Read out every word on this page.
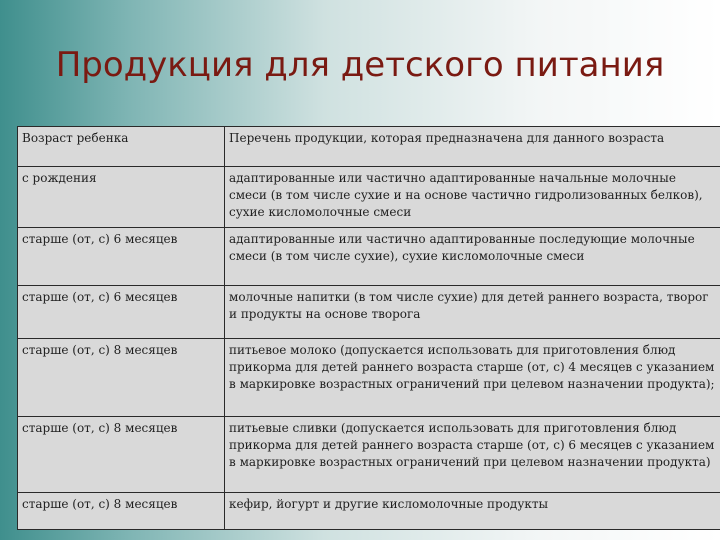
Продукция для детского питания
Возраст ребенка	Перечень продукции, которая предназначена для данного возраста
с рождения	адаптированные или частично адаптированные начальные молочные смеси (в том числе сухие и на основе частично гидролизованных белков), сухие кисломолочные смеси
старше (от, с) 6 месяцев	адаптированные или частично адаптированные последующие молочные смеси (в том числе сухие), сухие кисломолочные смеси
старше (от, с) 6 месяцев	молочные напитки (в том числе сухие) для детей раннего возраста, творог и продукты на основе творога
старше (от, с) 8 месяцев	питьевое молоко (допускается использовать для приготовления блюд прикорма для детей раннего возраста старше (от, с) 4 месяцев с указанием в маркировке возрастных ограничений при целевом назначении продукта);
старше (от, с) 8 месяцев	питьевые сливки (допускается использовать для приготовления блюд прикорма для детей раннего возраста старше (от, с) 6 месяцев с указанием в маркировке возрастных ограничений при целевом назначении продукта)
старше (от, с) 8 месяцев	кефир, йогурт и другие кисломолочные продукты
